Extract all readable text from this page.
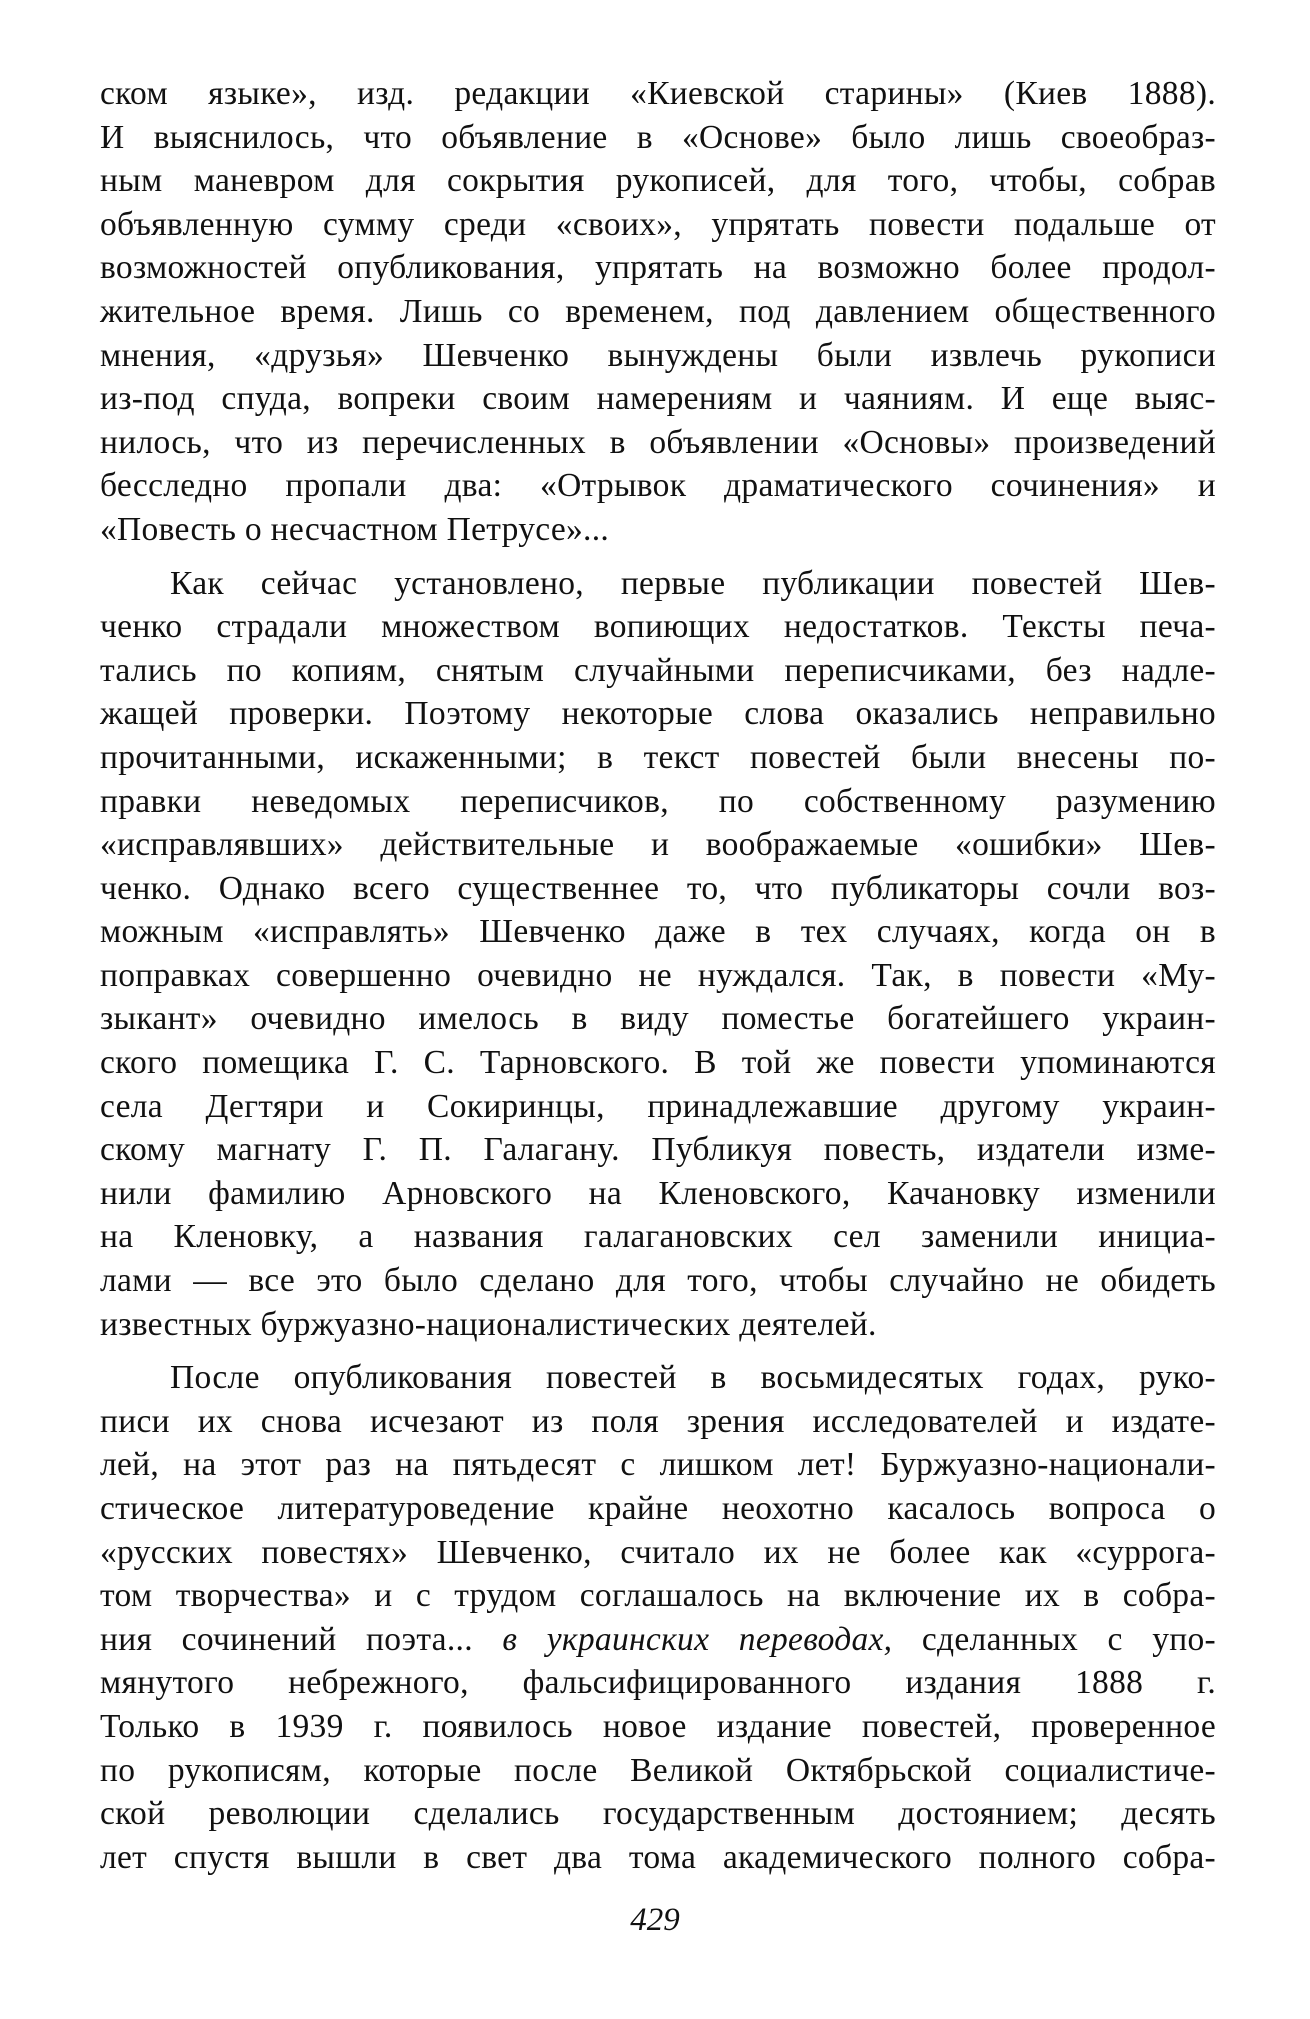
ском языке», изд. редакции «Киевской старины» (Киев 1888).
И выяснилось, что объявление в «Основе» было лишь своеобраз-
ным маневром для сокрытия рукописей, для того, чтобы, собрав
объявленную сумму среди «своих», упрятать повести подальше от
возможностей опубликования, упрятать на возможно более продол-
жительное время. Лишь со временем, под давлением общественного
мнения, «друзья» Шевченко вынуждены были извлечь рукописи
из-под спуда, вопреки своим намерениям и чаяниям. И еще выяс-
нилось, что из перечисленных в объявлении «Основы» произведений
бесследно пропали два: «Отрывок драматического сочинения» и
«Повесть о несчастном Петрусе»...
Как сейчас установлено, первые публикации повестей Шев-
ченко страдали множеством вопиющих недостатков. Тексты печа-
тались по копиям, снятым случайными переписчиками, без надле-
жащей проверки. Поэтому некоторые слова оказались неправильно
прочитанными, искаженными; в текст повестей были внесены по-
правки неведомых переписчиков, по собственному разумению
«исправлявших» действительные и воображаемые «ошибки» Шев-
ченко. Однако всего существеннее то, что публикаторы сочли воз-
можным «исправлять» Шевченко даже в тех случаях, когда он в
поправках совершенно очевидно не нуждался. Так, в повести «Му-
зыкант» очевидно имелось в виду поместье богатейшего украин-
ского помещика Г. С. Тарновского. В той же повести упоминаются
села Дегтяри и Сокиринцы, принадлежавшие другому украин-
скому магнату Г. П. Галагану. Публикуя повесть, издатели изме-
нили фамилию Арновского на Кленовского, Качановку изменили
на Кленовку, а названия галагановских сел заменили инициа-
лами — все это было сделано для того, чтобы случайно не обидеть
известных буржуазно-националистических деятелей.
После опубликования повестей в восьмидесятых годах, руко-
писи их снова исчезают из поля зрения исследователей и издате-
лей, на этот раз на пятьдесят с лишком лет! Буржуазно-национали-
стическое литературоведение крайне неохотно касалось вопроса о
«русских повестях» Шевченко, считало их не более как «суррога-
том творчества» и с трудом соглашалось на включение их в собра-
ния сочинений поэта... в украинских переводах, сделанных с упо-
мянутого небрежного, фальсифицированного издания 1888 г.
Только в 1939 г. появилось новое издание повестей, проверенное
по рукописям, которые после Великой Октябрьской социалистиче-
ской революции сделались государственным достоянием; десять
лет спустя вышли в свет два тома академического полного собра-
429
